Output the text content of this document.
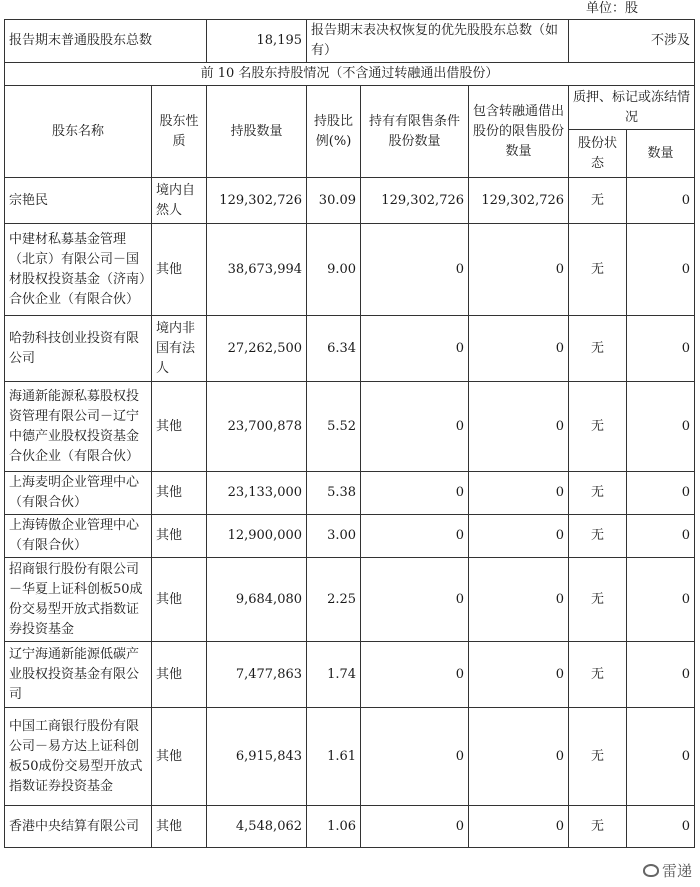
单位：股
报告期末普通股股东总数		18,195	报告期末表决权恢复的优先股股东总数（如有）			不涉及	
前 10 名股东持股情况（不含通过转融通出借股份）							
股东名称	股东性质	持股数量	持股比例(%)	持有有限售条件股份数量	包含转融通借出股份的限售股份数量	质押、标记或冻结情况	
						股份状态	数量
宗艳民	境内自然人	129,302,726	30.09	129,302,726	129,302,726	无	0
中建材私募基金管理（北京）有限公司－国材股权投资基金（济南）合伙企业（有限合伙）	其他	38,673,994	9.00	0	0	无	0
哈勃科技创业投资有限公司	境内非国有法人	27,262,500	6.34	0	0	无	0
海通新能源私募股权投资管理有限公司－辽宁中德产业股权投资基金合伙企业（有限合伙）	其他	23,700,878	5.52	0	0	无	0
上海麦明企业管理中心（有限合伙）	其他	23,133,000	5.38	0	0	无	0
上海铸傲企业管理中心（有限合伙）	其他	12,900,000	3.00	0	0	无	0
招商银行股份有限公司－华夏上证科创板50成份交易型开放式指数证券投资基金	其他	9,684,080	2.25	0	0	无	0
辽宁海通新能源低碳产业股权投资基金有限公司	其他	7,477,863	1.74	0	0	无	0
中国工商银行股份有限公司－易方达上证科创板50成份交易型开放式指数证券投资基金	其他	6,915,843	1.61	0	0	无	0
香港中央结算有限公司	其他	4,548,062	1.06	0	0	无	0
雷递
